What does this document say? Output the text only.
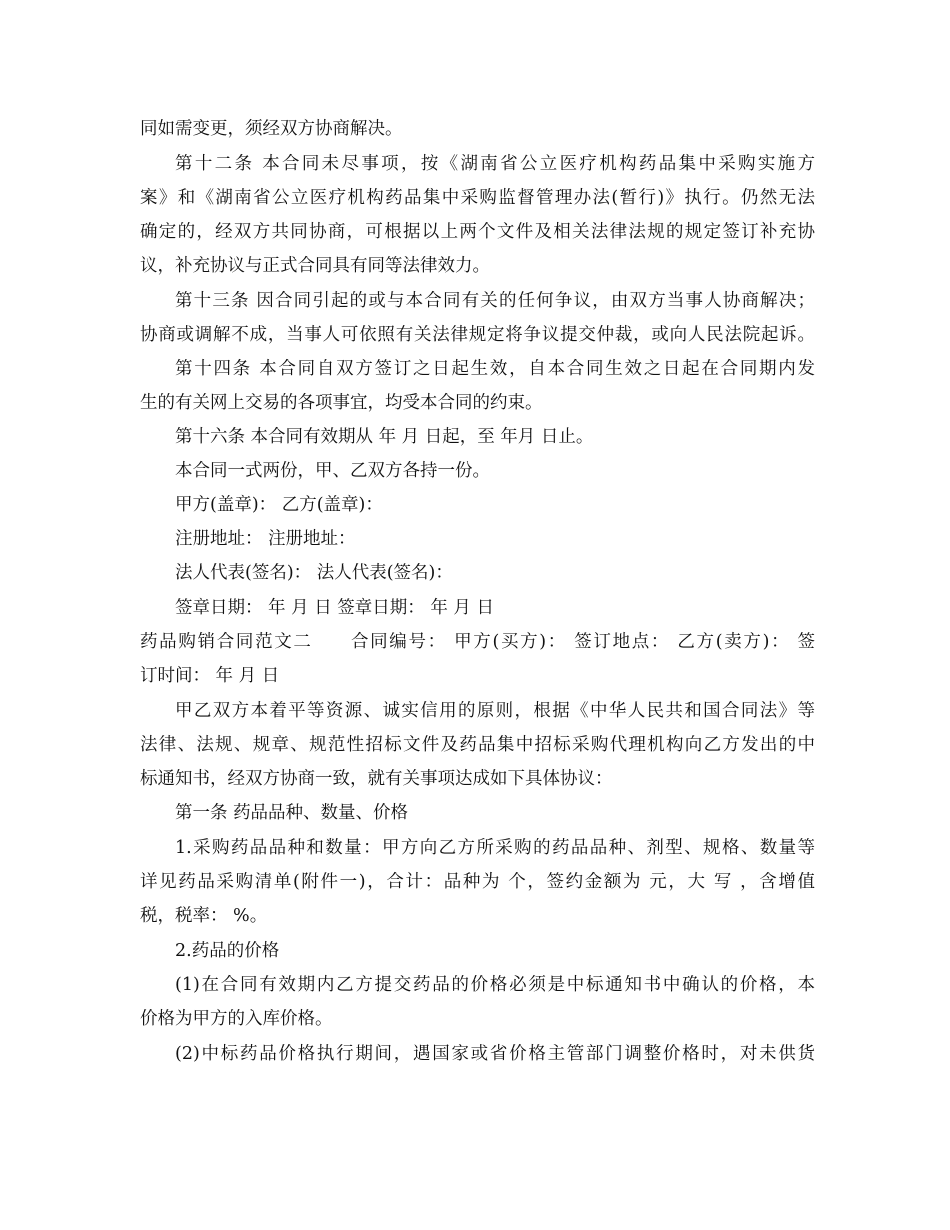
同如需变更，须经双方协商解决。
第十二条 本合同未尽事项，按《湖南省公立医疗机构药品集中采购实施方
案》和《湖南省公立医疗机构药品集中采购监督管理办法(暂行)》执行。仍然无法
确定的，经双方共同协商，可根据以上两个文件及相关法律法规的规定签订补充协
议，补充协议与正式合同具有同等法律效力。
第十三条 因合同引起的或与本合同有关的任何争议，由双方当事人协商解决；
协商或调解不成，当事人可依照有关法律规定将争议提交仲裁，或向人民法院起诉。
第十四条 本合同自双方签订之日起生效，自本合同生效之日起在合同期内发
生的有关网上交易的各项事宜，均受本合同的约束。
第十六条 本合同有效期从 年 月 日起，至 年月 日止。
本合同一式两份，甲、乙双方各持一份。
甲方(盖章)： 乙方(盖章)：
注册地址： 注册地址：
法人代表(签名)： 法人代表(签名)：
签章日期： 年 月 日 签章日期： 年 月 日
药品购销合同范文二　　合同编号： 甲方(买方)： 签订地点： 乙方(卖方)： 签
订时间： 年 月 日
甲乙双方本着平等资源、诚实信用的原则，根据《中华人民共和国合同法》等
法律、法规、规章、规范性招标文件及药品集中招标采购代理机构向乙方发出的中
标通知书，经双方协商一致，就有关事项达成如下具体协议：
第一条 药品品种、数量、价格
1.采购药品品种和数量：甲方向乙方所采购的药品品种、剂型、规格、数量等
详见药品采购清单(附件一)，合计：品种为 个，签约金额为 元，大 写 ，含增值
税，税率： %。
2.药品的价格
(1)在合同有效期内乙方提交药品的价格必须是中标通知书中确认的价格，本
价格为甲方的入库价格。
(2)中标药品价格执行期间，遇国家或省价格主管部门调整价格时，对未供货
